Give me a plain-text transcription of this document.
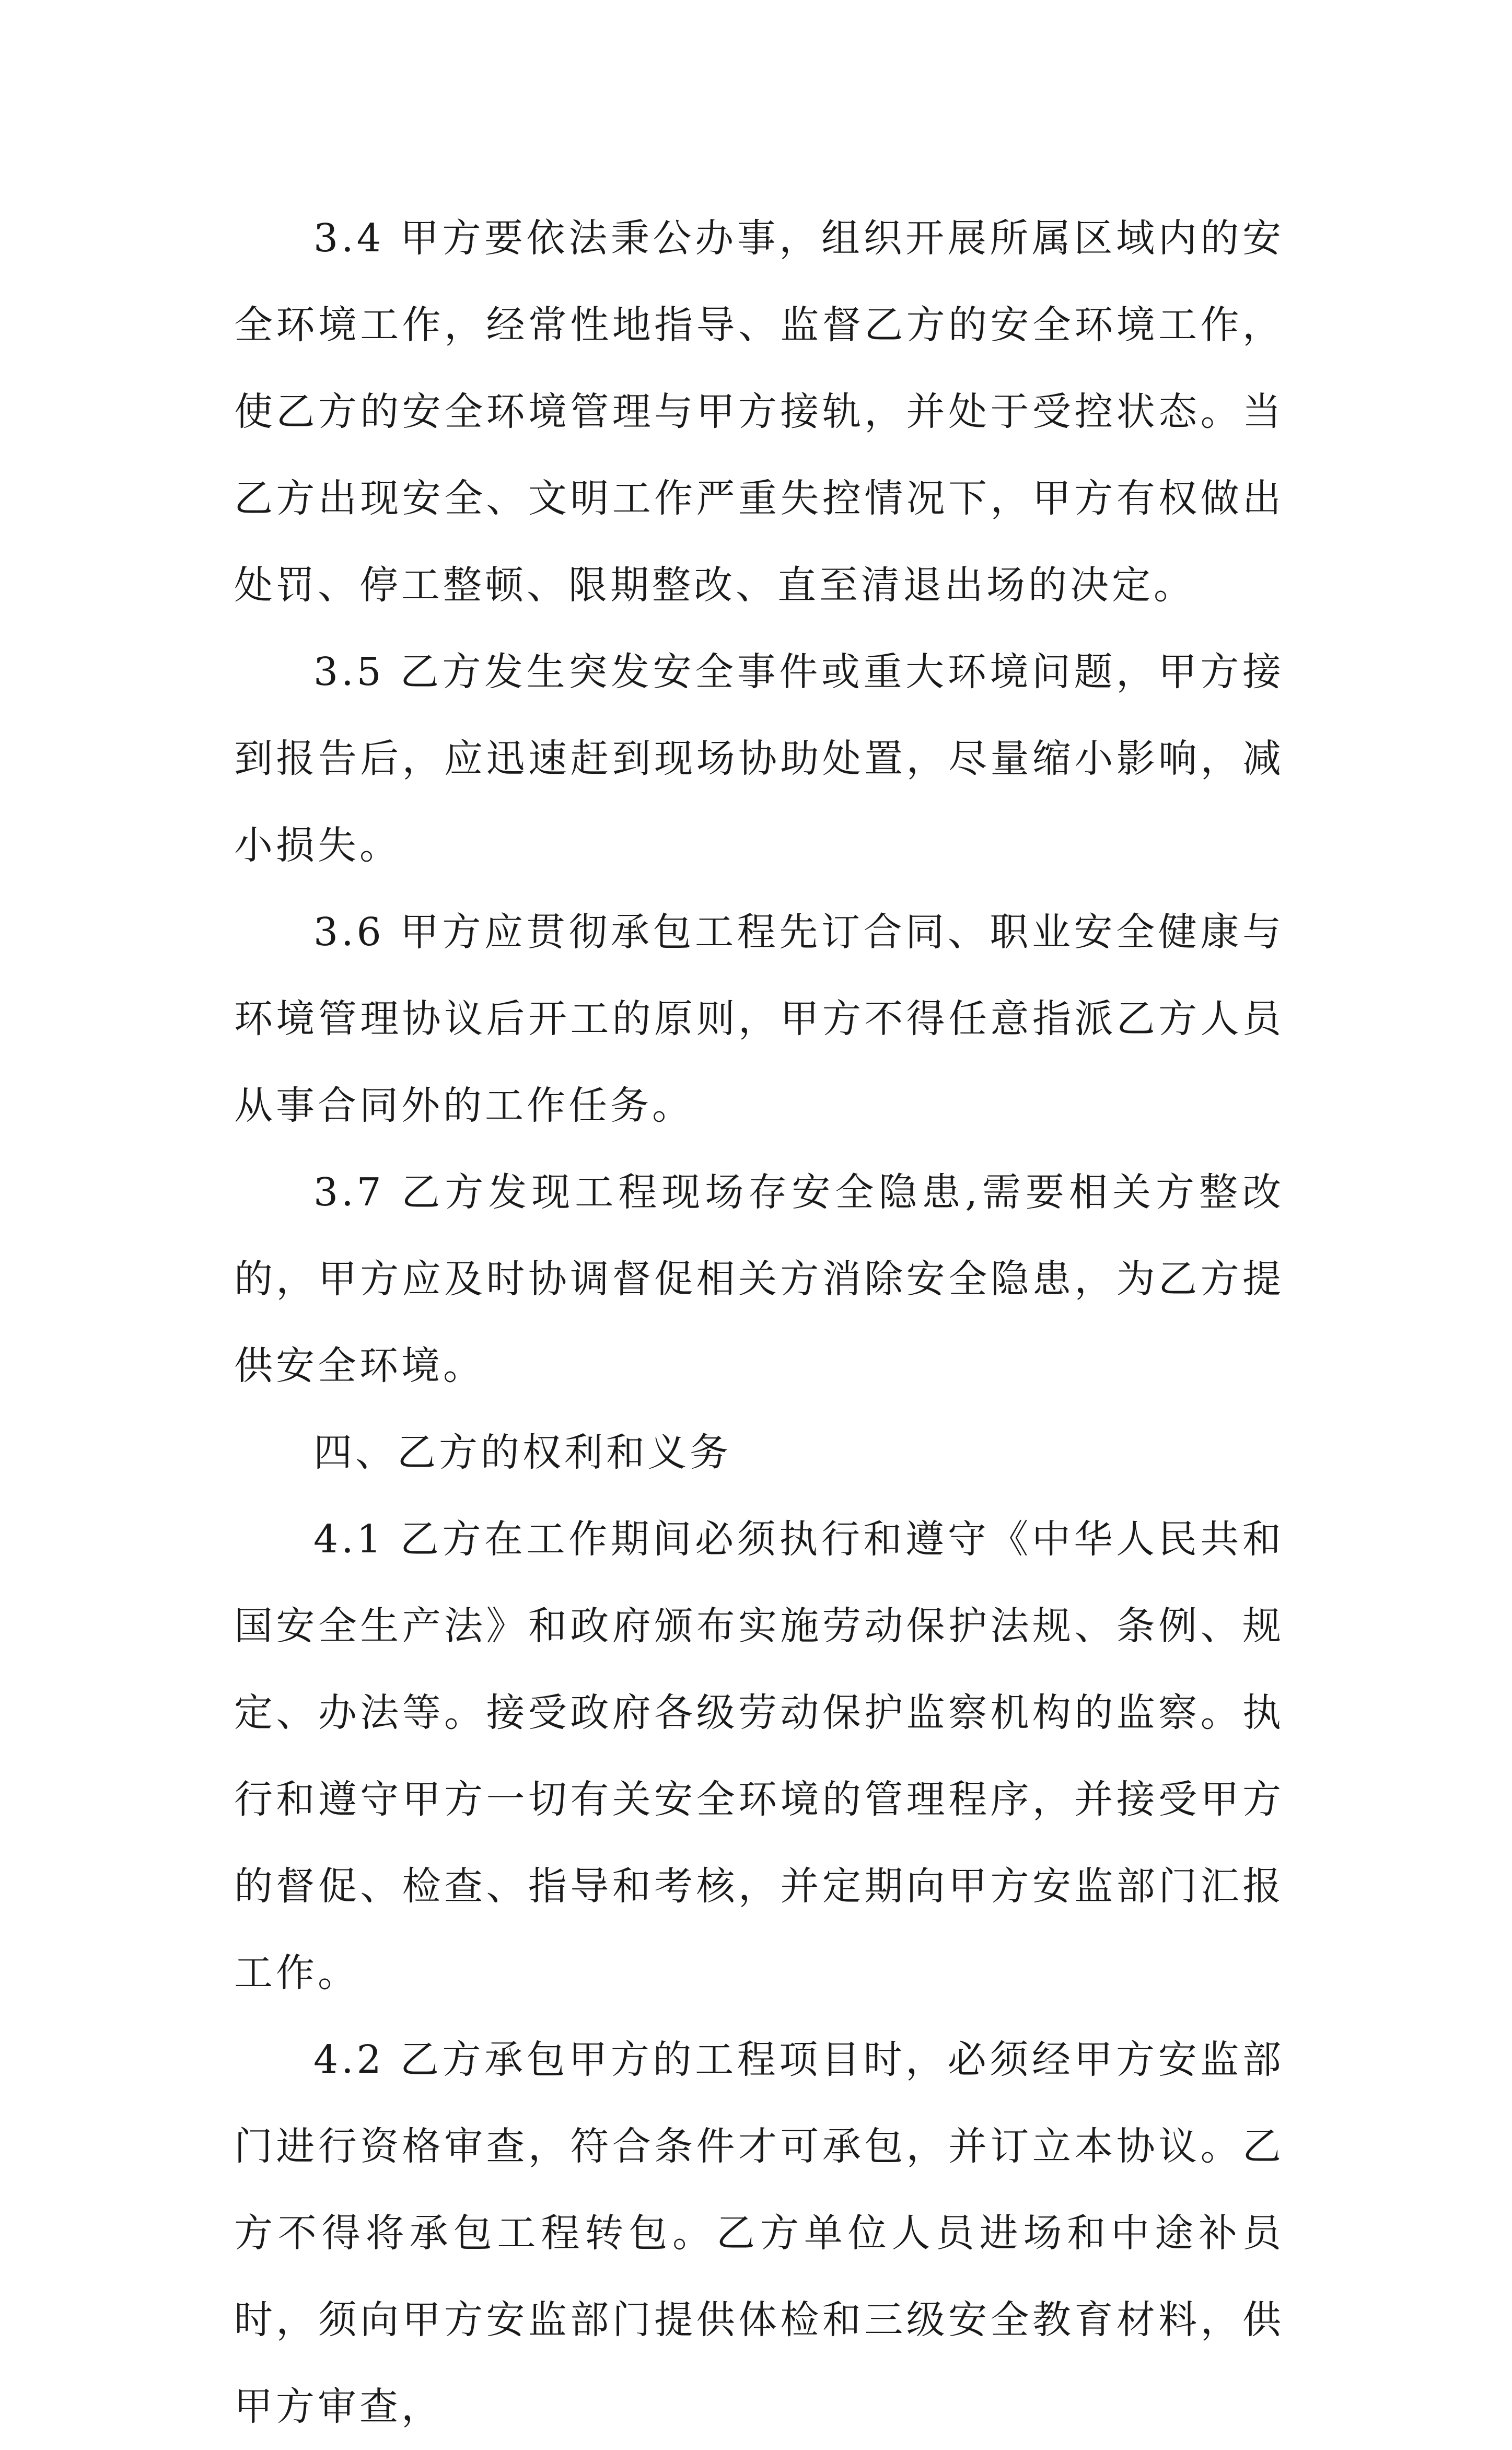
3.4 甲方要依法秉公办事，组织开展所属区域内的安全环境工作，经常性地指导、监督乙方的安全环境工作，使乙方的安全环境管理与甲方接轨，并处于受控状态。当乙方出现安全、文明工作严重失控情况下，甲方有权做出处罚、停工整顿、限期整改、直至清退出场的决定。

3.5 乙方发生突发安全事件或重大环境问题，甲方接到报告后，应迅速赶到现场协助处置，尽量缩小影响，减小损失。

3.6 甲方应贯彻承包工程先订合同、职业安全健康与环境管理协议后开工的原则，甲方不得任意指派乙方人员从事合同外的工作任务。

3.7 乙方发现工程现场存安全隐患,需要相关方整改的，甲方应及时协调督促相关方消除安全隐患，为乙方提供安全环境。

四、乙方的权利和义务

4.1 乙方在工作期间必须执行和遵守《中华人民共和国安全生产法》和政府颁布实施劳动保护法规、条例、规定、办法等。接受政府各级劳动保护监察机构的监察。执行和遵守甲方一切有关安全环境的管理程序，并接受甲方的督促、检查、指导和考核，并定期向甲方安监部门汇报工作。

4.2 乙方承包甲方的工程项目时，必须经甲方安监部门进行资格审查，符合条件才可承包，并订立本协议。乙方不得将承包工程转包。乙方单位人员进场和中途补员时，须向甲方安监部门提供体检和三级安全教育材料，供甲方审查，
